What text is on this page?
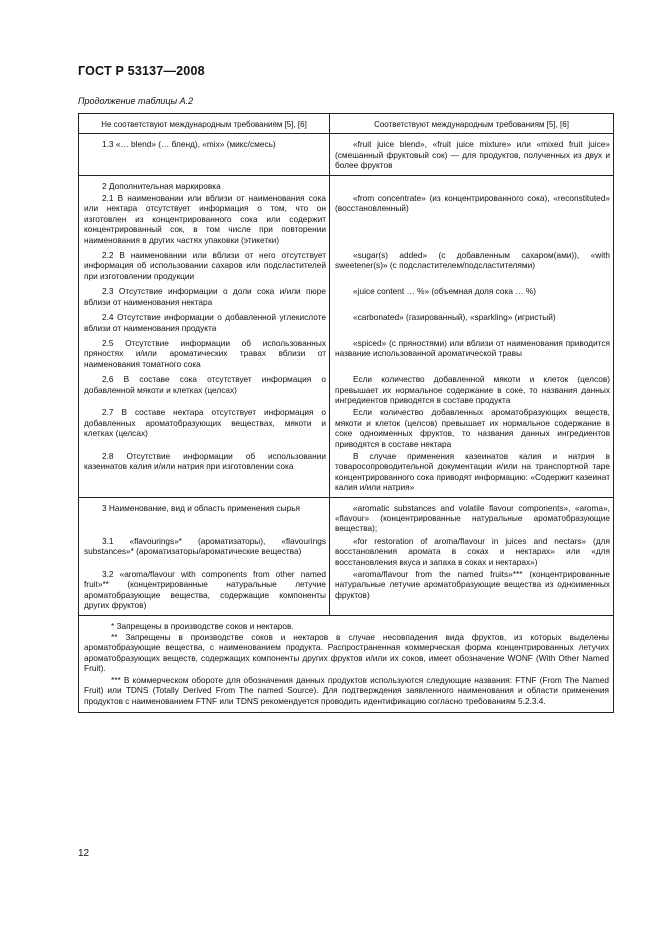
ГОСТ Р 53137—2008
Продолжение таблицы А.2
Не соответствуют международным требованиям [5], [6]	Соответствуют международным требованиям [5], [6]

1.3 «… blend» (… бленд), «mix» (микс/смесь)	«fruit juice blend», «fruit juice mixture» или «mixed fruit juice» (смешанный фруктовый сок) — для продуктов, полученных из двух и более фруктов

2 Дополнительная маркировка	

2.1 В наименовании или вблизи от наименования сока или нектара отсутствует информация о том, что он изготовлен из концентрированного сока или содержит концентрированный сок, в том числе при повторении наименования в других частях упаковки (этикетки)	«from concentrate» (из концентрированного сока), «reconstituted» (восстановленный)

2.2 В наименовании или вблизи от него отсутствует информация об использовании сахаров или подсластителей при изготовлении продукции	«sugar(s) added» (с добавленным сахаром(ами)), «with sweetener(s)» (с подсластителем/подсластителями)

2.3 Отсутствие информации о доли сока и/или пюре вблизи от наименования нектара	«juice content … %» (объемная доля сока … %)

2.4 Отсутствие информации о добавленной углекислоте вблизи от наименования продукта	«carbonated» (газированный), «sparkling» (игристый)

2.5 Отсутствие информации об использованных пряностях и/или ароматических травах вблизи от наименования томатного сока	«spiced» (с пряностями) или вблизи от наименования приводится название использованной ароматической травы

2.6 В составе сока отсутствует информация о добавленной мякоти и клетках (целсах)	Если количество добавленной мякоти и клеток (целсов) превышает их нормальное содержание в соке, то названия данных ингредиентов приводятся в составе продукта

2.7 В составе нектара отсутствует информация о добавленных ароматобразующих веществах, мякоти и клетках (целсах)	Если количество добавленных ароматобразующих веществ, мякоти и клеток (целсов) превышает их нормальное содержание в соке одноименных фруктов, то названия данных ингредиентов приводятся в составе нектара

2.8 Отсутствие информации об использовании казеинатов калия и/или натрия при изготовлении сока	В случае применения казеинатов калия и натрия в товаросопроводительной документации и/или на транспортной таре концентрированного сока приводят информацию: «Содержит казеинат калия и/или натрия»

3 Наименование, вид и область применения сырья	«aromatic substances and volatile flavour components», «aroma», «flavour» (концентрированные натуральные ароматобразующие вещества);

3.1 «flavourings»* (ароматизаторы), «flavourings substances»* (ароматизаторы/ароматические вещества)	«for restoration of aroma/flavour in juices and nectars» (для восстановления аромата в соках и нектарах» или «для восстановления вкуса и запаха в соках и нектарах»)

3.2 «aroma/flavour with components from other named fruit»** (концентрированные натуральные летучие ароматобразующие вещества, содержащие компоненты других фруктов)	«aroma/flavour from the named fruits»*** (концентрированные натуральные летучие ароматобразующие вещества из одноименных фруктов)

* Запрещены в производстве соков и нектаров.

** Запрещены в производстве соков и нектаров в случае несовпадения вида фруктов, из которых выделены ароматобразующие вещества, с наименованием продукта. Распространенная коммерческая форма концентрированных летучих ароматобразующих веществ, содержащих компоненты других фруктов и/или их соков, имеет обозначение WONF (With Other Named Fruit).

*** В коммерческом обороте для обозначения данных продуктов используются следующие названия: FTNF (From The Named Fruit) или TDNS (Totally Derived From The named Source). Для подтверждения заявленного наименования и области применения продуктов с наименованием FTNF или TDNS рекомендуется проводить идентификацию согласно требованиям 5.2.3.4.	

12
